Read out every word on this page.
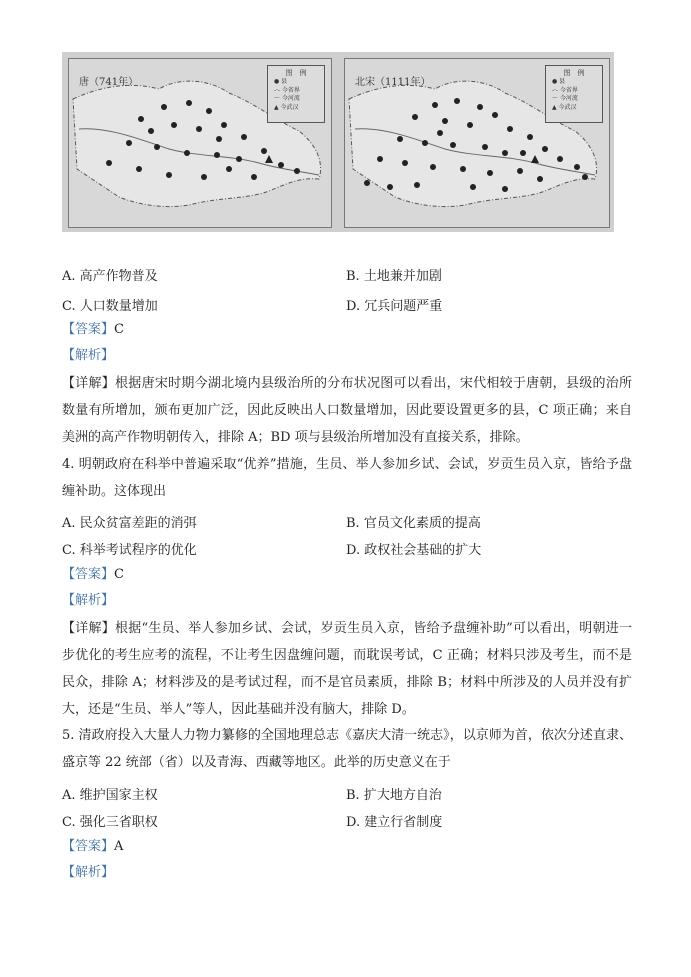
唐（741年）
图　例
● 县
-·- 今省界
～ 今河流
▲ 今武汉
北宋（1111年）
图　例
● 县
-·- 今省界
～ 今河流
▲ 今武汉
A. 高产作物普及	B. 土地兼并加剧
C. 人口数量增加	D. 冗兵问题严重
【答案】C
【解析】
【详解】根据唐宋时期今湖北境内县级治所的分布状况图可以看出，宋代相较于唐朝，县级的治所数量有所增加，颁布更加广泛，因此反映出人口数量增加，因此要设置更多的县，C 项正确；来自美洲的高产作物明朝传入，排除 A；BD 项与县级治所增加没有直接关系，排除。
4. 明朝政府在科举中普遍采取“优养”措施，生员、举人参加乡试、会试，岁贡生员入京，皆给予盘缠补助。这体现出
A. 民众贫富差距的消弭	B. 官员文化素质的提高
C. 科举考试程序的优化	D. 政权社会基础的扩大
【答案】C
【解析】
【详解】根据“生员、举人参加乡试、会试，岁贡生员入京，皆给予盘缠补助”可以看出，明朝进一步优化的考生应考的流程，不让考生因盘缠问题，而耽误考试，C 正确；材料只涉及考生，而不是民众，排除 A；材料涉及的是考试过程，而不是官员素质，排除 B；材料中所涉及的人员并没有扩大，还是“生员、举人”等人，因此基础并没有脑大，排除 D。
5. 清政府投入大量人力物力纂修的全国地理总志《嘉庆大清一统志》，以京师为首，依次分述直隶、盛京等 22 统部（省）以及青海、西藏等地区。此举的历史意义在于
A. 维护国家主权	B. 扩大地方自治
C. 强化三省职权	D. 建立行省制度
【答案】A
【解析】
